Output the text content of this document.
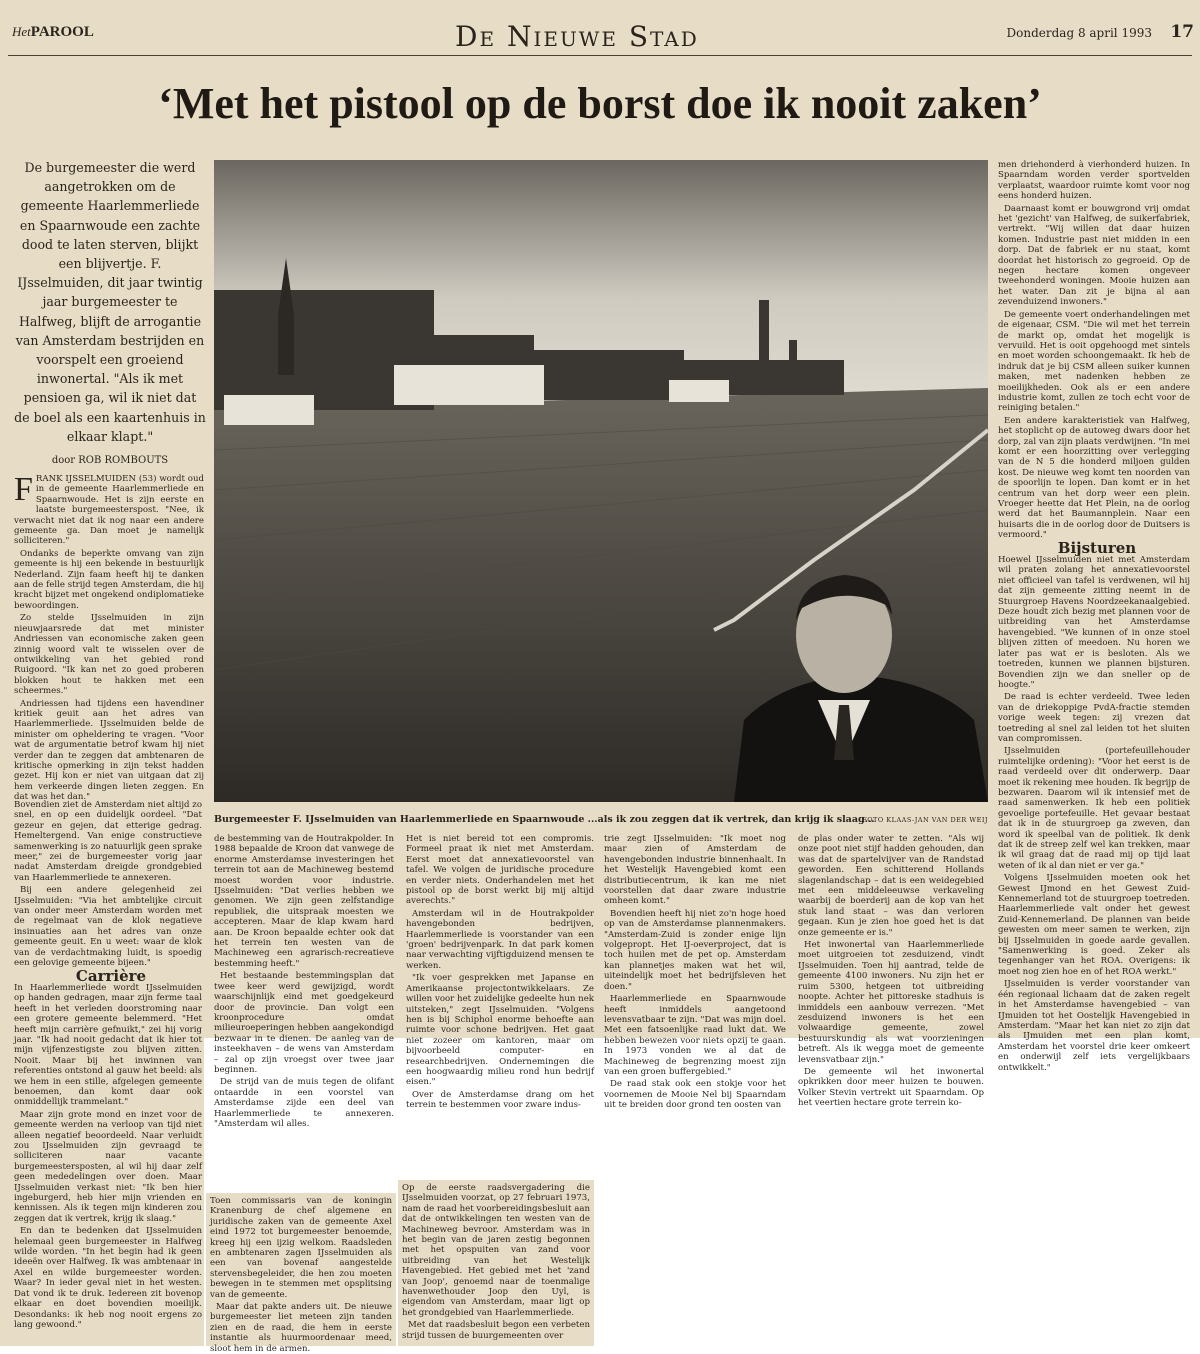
HetPAROOL	De Nieuwe Stad	Donderdag 8 april 1993 17
‘Met het pistool op de borst doe ik nooit zaken’
De burgemeester die werd aangetrokken om de gemeente Haarlemmerliede en Spaarnwoude een zachte dood te laten sterven, blijkt een blijvertje. F. IJsselmuiden, dit jaar twintig jaar burgemeester te Halfweg, blijft de arrogantie van Amsterdam bestrijden en voorspelt een groeiend inwonertal. "Als ik met pensioen ga, wil ik niet dat de boel als een kaartenhuis in elkaar klapt."
door ROB ROMBOUTS

FRANK IJSSELMUIDEN (53) wordt oud in de gemeente Haarlemmerliede en Spaarnwoude. Het is zijn eerste en laatste burgemeesterspost. "Nee, ik verwacht niet dat ik nog naar een andere gemeente ga. Dan moet je namelijk solliciteren."

Ondanks de beperkte omvang van zijn gemeente is hij een bekende in bestuurlijk Nederland. Zijn faam heeft hij te danken aan de felle strijd tegen Amsterdam, die hij kracht bijzet met ongekend ondiplomatieke bewoordingen.

Zo stelde IJsselmuiden in zijn nieuwjaarsrede dat met minister Andriessen van economische zaken geen zinnig woord valt te wisselen over de ontwikkeling van het gebied rond Ruigoord. "Ik kan net zo goed proberen blokken hout te hakken met een scheermes."

Andriessen had tijdens een havendiner kritiek geuit aan het adres van Haarlemmerliede. IJsselmuiden belde de minister om opheldering te vragen. "Voor wat de argumentatie betrof kwam hij niet verder dan te zeggen dat ambtenaren de kritische opmerking in zijn tekst hadden gezet. Hij kon er niet van uitgaan dat zij hem verkeerde dingen lieten zeggen. En dat was het dan."

Bovendien ziet de Amsterdam niet altijd zo snel, en op een duidelijk oordeel. "Dat gezeur en gejen, dat etterige gedrag. Hemeltergend. Van enige constructieve samenwerking is zo natuurlijk geen sprake meer," zei de burgemeester vorig jaar nadat Amsterdam dreigde grondgebied van Haarlemmerliede te annexeren.

Bij een andere gelegenheid zei IJsselmuiden: "Via het ambtelijke circuit van onder meer Amsterdam worden met de regelmaat van de klok negatieve insinuaties aan het adres van onze gemeente geuit. En u weet: waar de klok van de verdachtmaking luidt, is spoedig een gelovige gemeente bijeen."

Carrière

In Haarlemmerliede wordt IJsselmuiden op handen gedragen, maar zijn ferme taal heeft in het verleden doorstroming naar een grotere gemeente belemmerd. "Het heeft mijn carrière gefnuikt," zei hij vorig jaar. "Ik had nooit gedacht dat ik hier tot mijn vijfenzestigste zou blijven zitten. Nooit. Maar bij het inwinnen van referenties ontstond al gauw het beeld: als we hem in een stille, afgelegen gemeente benoemen, dan komt daar ook onmiddellijk trammelant."

Maar zijn grote mond en inzet voor de gemeente werden na verloop van tijd niet alleen negatief beoordeeld. Naar verluidt zou IJsselmuiden zijn gevraagd te solliciteren naar vacante burgemeestersposten, al wil hij daar zelf geen mededelingen over doen. Maar IJsselmuiden verkast niet: "Ik ben hier ingeburgerd, heb hier mijn vrienden en kennissen. Als ik tegen mijn kinderen zou zeggen dat ik vertrek, krijg ik slaag."

En dan te bedenken dat IJsselmuiden helemaal geen burgemeester in Halfweg wilde worden. "In het begin had ik geen ideeën over Halfweg. Ik was ambtenaar in Axel en wilde burgemeester worden. Waar? In ieder geval niet in het westen. Dat vond ik te druk. Iedereen zit bovenop elkaar en doet bovendien moeilijk. Desondanks: ik heb nog nooit ergens zo lang gewoond."

Burgemeester F. IJsselmuiden van Haarlemmerliede en Spaarnwoude ...als ik zou zeggen dat ik vertrek, dan krijg ik slaag...
FOTO KLAAS-JAN VAN DER WEIJ

de bestemming van de Houtrakpolder. In 1988 bepaalde de Kroon dat vanwege de enorme Amsterdamse investeringen het terrein tot aan de Machineweg bestemd moest worden voor industrie. IJsselmuiden: "Dat verlies hebben we genomen. We zijn geen zelfstandige republiek, die uitspraak moesten we accepteren. Maar de klap kwam hard aan. De Kroon bepaalde echter ook dat het terrein ten westen van de Machineweg een agrarisch-recreatieve bestemming heeft."

Het bestaande bestemmingsplan dat twee keer werd gewijzigd, wordt waarschijnlijk eind met goedgekeurd door de provincie. Dan volgt een kroonprocedure omdat milieuroeperingen hebben aangekondigd bezwaar in te dienen. De aanleg van de insteekhaven – de wens van Amsterdam – zal op zijn vroegst over twee jaar beginnen.

De strijd van de muis tegen de olifant ontaardde in een voorstel van Amsterdamse zijde een deel van Haarlemmerliede te annexeren. "Amsterdam wil alles.

Het is niet bereid tot een compromis. Formeel praat ik niet met Amsterdam. Eerst moet dat annexatievoorstel van tafel. We volgen de juridische procedure en verder niets. Onderhandelen met het pistool op de borst werkt bij mij altijd averechts."

Amsterdam wil in de Houtrakpolder havengebonden bedrijven, Haarlemmerliede is voorstander van een 'groen' bedrijvenpark. In dat park komen naar verwachting vijftigduizend mensen te werken.

"Ik voer gesprekken met Japanse en Amerikaanse projectontwikkelaars. Ze willen voor het zuidelijke gedeelte hun nek uitsteken," zegt IJsselmuiden. "Volgens hen is bij Schiphol enorme behoefte aan ruimte voor schone bedrijven. Het gaat niet zozeer om kantoren, maar om bijvoorbeeld computer- en researchbedrijven. Ondernemingen die een hoogwaardig milieu rond hun bedrijf eisen."

Over de Amsterdamse drang om het terrein te bestemmen voor zware indus-

trie zegt IJsselmuiden: "Ik moet nog maar zien of Amsterdam de havengebonden industrie binnenhaalt. In het Westelijk Havengebied komt een distributiecentrum, ik kan me niet voorstellen dat daar zware industrie omheen komt."

Bovendien heeft hij niet zo'n hoge hoed op van de Amsterdamse plannenmakers. "Amsterdam-Zuid is zonder enige lijn volgepropt. Het IJ-oeverproject, dat is toch huilen met de pet op. Amsterdam kan plannetjes maken wat het wil, uiteindelijk moet het bedrijfsleven het doen."

Haarlemmerliede en Spaarnwoude heeft inmiddels aangetoond levensvatbaar te zijn. "Dat was mijn doel. Met een fatsoenlijke raad lukt dat. We hebben bewezen voor niets opzij te gaan. In 1973 vonden we al dat de Machineweg de begrenzing moest zijn van een groen buffergebied."

De raad stak ook een stokje voor het voornemen de Mooie Nel bij Spaarndam uit te breiden door grond ten oosten van

de plas onder water te zetten. "Als wij onze poot niet stijf hadden gehouden, dan was dat de spartelvijver van de Randstad geworden. Een schitterend Hollands slagenlandschap – dat is een weidegebied met een middeleeuwse verkaveling waarbij de boerderij aan de kop van het stuk land staat – was dan verloren gegaan. Kun je zien hoe goed het is dat onze gemeente er is."

Het inwonertal van Haarlemmerliede moet uitgroeien tot zesduizend, vindt IJsselmuiden. Toen hij aantrad, telde de gemeente 4100 inwoners. Nu zijn het er ruim 5300, hetgeen tot uitbreiding noopte. Achter het pittoreske stadhuis is inmiddels een aanbouw verrezen. "Met zesduizend inwoners is het een volwaardige gemeente, zowel bestuurskundig als wat voorzieningen betreft. Als ik wegga moet de gemeente levensvatbaar zijn."

De gemeente wil het inwonertal opkrikken door meer huizen te bouwen. Volker Stevin vertrekt uit Spaarndam. Op het veertien hectare grote terrein ko-

men driehonderd à vierhonderd huizen. In Spaarndam worden verder sportvelden verplaatst, waardoor ruimte komt voor nog eens honderd huizen.

Daarnaast komt er bouwgrond vrij omdat het 'gezicht' van Halfweg, de suikerfabriek, vertrekt. "Wij willen dat daar huizen komen. Industrie past niet midden in een dorp. Dat de fabriek er nu staat, komt doordat het historisch zo gegroeid. Op de negen hectare komen ongeveer tweehonderd woningen. Mooie huizen aan het water. Dan zit je bijna al aan zevenduizend inwoners."

De gemeente voert onderhandelingen met de eigenaar, CSM. "Die wil met het terrein de markt op, omdat het mogelijk is vervuild. Het is ooit opgehoogd met sintels en moet worden schoongemaakt. Ik heb de indruk dat je bij CSM alleen suiker kunnen maken, met nadenken hebben ze moeilijkheden. Ook als er een andere industrie komt, zullen ze toch echt voor de reiniging betalen."

Een andere karakteristiek van Halfweg, het stoplicht op de autoweg dwars door het dorp, zal van zijn plaats verdwijnen. "In mei komt er een hoorzitting over verlegging van de N 5 die honderd miljoen gulden kost. De nieuwe weg komt ten noorden van de spoorlijn te lopen. Dan komt er in het centrum van het dorp weer een plein. Vroeger heette dat Het Plein, na de oorlog werd dat het Baumannplein. Naar een huisarts die in de oorlog door de Duitsers is vermoord."

Bijsturen

Hoewel IJsselmuiden niet met Amsterdam wil praten zolang het annexatievoorstel niet officieel van tafel is verdwenen, wil hij dat zijn gemeente zitting neemt in de Stuurgroep Havens Noordzeekanaalgebied. Deze houdt zich bezig met plannen voor de uitbreiding van het Amsterdamse havengebied. "We kunnen of in onze stoel blijven zitten of meedoen. Nu horen we later pas wat er is besloten. Als we toetreden, kunnen we plannen bijsturen. Bovendien zijn we dan sneller op de hoogte."

De raad is echter verdeeld. Twee leden van de driekoppige PvdA-fractie stemden vorige week tegen: zij vrezen dat toetreding al snel zal leiden tot het sluiten van compromissen.

IJsselmuiden (portefeuillehouder ruimtelijke ordening): "Voor het eerst is de raad verdeeld over dit onderwerp. Daar moet ik rekening mee houden. Ik begrijp de bezwaren. Daarom wil ik intensief met de raad samenwerken. Ik heb een politiek gevoelige portefeuille. Het gevaar bestaat dat ik in de stuurgroep ga zweven, dan word ik speelbal van de politiek. Ik denk dat ik de streep zelf wel kan trekken, maar ik wil graag dat de raad mij op tijd laat weten of ik al dan niet er ver ga."

Volgens IJsselmuiden moeten ook het Gewest IJmond en het Gewest Zuid-Kennemerland tot de stuurgroep toetreden. Haarlemmerliede valt onder het gewest Zuid-Kennemerland. De plannen van beide gewesten om meer samen te werken, zijn bij IJsselmuiden in goede aarde gevallen. "Samenwerking is goed. Zeker als tegenhanger van het ROA. Overigens: ik moet nog zien hoe en of het ROA werkt."

IJsselmuiden is verder voorstander van één regionaal lichaam dat de zaken regelt in het Amsterdamse havengebied – van IJmuiden tot het Oostelijk Havengebied in Amsterdam. "Maar het kan niet zo zijn dat als IJmuiden met een plan komt, Amsterdam het voorstel drie keer omkeert en onderwijl zelf iets vergelijkbaars ontwikkelt."

Toen commissaris van de koningin Kranenburg de chef algemene en juridische zaken van de gemeente Axel eind 1972 tot burgemeester benoemde, kreeg hij een ijzig welkom. Raadsleden en ambtenaren zagen IJsselmuiden als een van bovenaf aangestelde stervensbegeleider, die hen zou moeten bewegen in te stemmen met opsplitsing van de gemeente.

Maar dat pakte anders uit. De nieuwe burgemeester liet meteen zijn tanden zien en de raad, die hem in eerste instantie als huurmoordenaar meed, sloot hem in de armen.

Op de eerste raadsvergadering die IJsselmuiden voorzat, op 27 februari 1973, nam de raad het voorbereidingsbesluit aan dat de ontwikkelingen ten westen van de Machineweg bevroor. Amsterdam was in het begin van de jaren zestig begonnen met het opspuiten van zand voor uitbreiding van het Westelijk Havengebied. Het gebied met het 'zand van Joop', genoemd naar de toenmalige havenwethouder Joop den Uyl, is eigendom van Amsterdam, maar ligt op het grondgebied van Haarlemmerliede.

Met dat raadsbesluit begon een verbeten strijd tussen de buurgemeenten over
